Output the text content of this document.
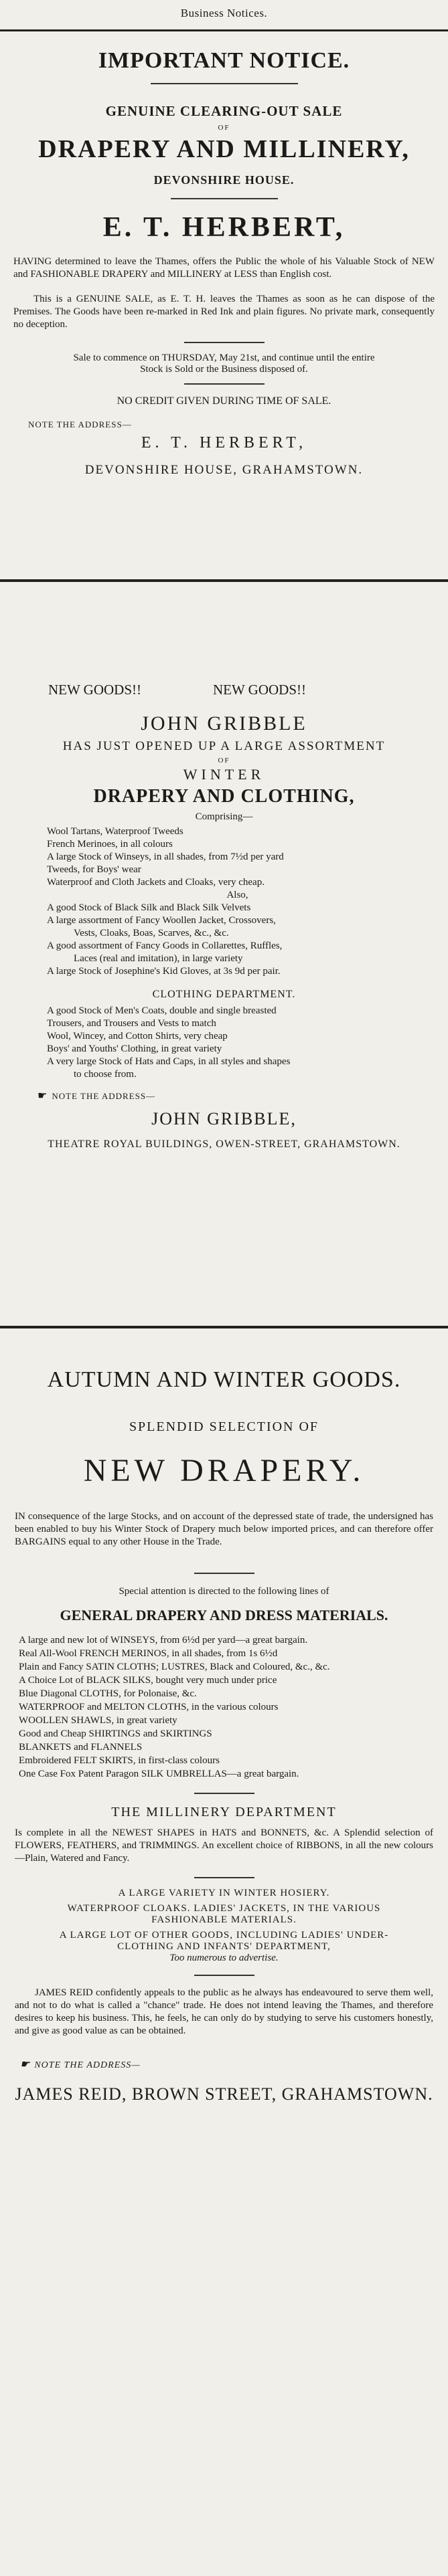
Business Notices.

IMPORTANT NOTICE.

GENUINE CLEARING-OUT SALE

OF

DRAPERY AND MILLINERY,

DEVONSHIRE HOUSE.

E. T. HERBERT,

HAVING determined to leave the Thames, offers the Public the whole of his Valuable Stock of NEW and FASHIONABLE DRAPERY and MILLINERY at LESS than English cost.

This is a GENUINE SALE, as E. T. H. leaves the Thames as soon as he can dispose of the Premises. The Goods have been re-marked in Red Ink and plain figures. No private mark, consequently no deception.

Sale to commence on THURSDAY, May 21st, and continue until the entire

Stock is Sold or the Business disposed of.

NO CREDIT GIVEN DURING TIME OF SALE.

NOTE THE ADDRESS—

E. T. HERBERT,

DEVONSHIRE HOUSE, GRAHAMSTOWN.

NEW GOODS!!	NEW GOODS!!

JOHN GRIBBLE

HAS JUST OPENED UP A LARGE ASSORTMENT

OF

WINTER

DRAPERY AND CLOTHING,

Comprising—

Wool Tartans, Waterproof Tweeds
French Merinoes, in all colours
A large Stock of Winseys, in all shades, from 7½d per yard
Tweeds, for Boys' wear
Waterproof and Cloth Jackets and Cloaks, very cheap.
Also,
A good Stock of Black Silk and Black Silk Velvets
A large assortment of Fancy Woollen Jacket, Crossovers,
Vests, Cloaks, Boas, Scarves, &c., &c.
A good assortment of Fancy Goods in Collarettes, Ruffles,
Laces (real and imitation), in large variety
A large Stock of Josephine's Kid Gloves, at 3s 9d per pair.

CLOTHING DEPARTMENT.

A good Stock of Men's Coats, double and single breasted
Trousers, and Trousers and Vests to match
Wool, Wincey, and Cotton Shirts, very cheap
Boys' and Youths' Clothing, in great variety
A very large Stock of Hats and Caps, in all styles and shapes
to choose from.

☛ NOTE THE ADDRESS—

JOHN GRIBBLE,

THEATRE ROYAL BUILDINGS, OWEN-STREET, GRAHAMSTOWN.

AUTUMN AND WINTER GOODS.

SPLENDID SELECTION OF

NEW DRAPERY.

IN consequence of the large Stocks, and on account of the depressed state of trade, the undersigned has been enabled to buy his Winter Stock of Drapery much below imported prices, and can therefore offer BARGAINS equal to any other House in the Trade.

Special attention is directed to the following lines of

GENERAL DRAPERY AND DRESS MATERIALS.

A large and new lot of WINSEYS, from 6½d per yard—a great bargain.
Real All-Wool FRENCH MERINOS, in all shades, from 1s 6½d
Plain and Fancy SATIN CLOTHS; LUSTRES, Black and Coloured, &c., &c.
A Choice Lot of BLACK SILKS, bought very much under price
Blue Diagonal CLOTHS, for Polonaise, &c.
WATERPROOF and MELTON CLOTHS, in the various colours
WOOLLEN SHAWLS, in great variety
Good and Cheap SHIRTINGS and SKIRTINGS
BLANKETS and FLANNELS
Embroidered FELT SKIRTS, in first-class colours
One Case Fox Patent Paragon SILK UMBRELLAS—a great bargain.

THE MILLINERY DEPARTMENT

Is complete in all the NEWEST SHAPES in HATS and BONNETS, &c. A Splendid selection of FLOWERS, FEATHERS, and TRIMMINGS. An excellent choice of RIBBONS, in all the new colours—Plain, Watered and Fancy.

A LARGE VARIETY IN WINTER HOSIERY.

WATERPROOF CLOAKS. LADIES' JACKETS, IN THE VARIOUS

FASHIONABLE MATERIALS.

A LARGE LOT OF OTHER GOODS, INCLUDING LADIES' UNDER-

CLOTHING AND INFANTS' DEPARTMENT,

Too numerous to advertise.

JAMES REID confidently appeals to the public as he always has endeavoured to serve them well, and not to do what is called a "chance" trade. He does not intend leaving the Thames, and therefore desires to keep his business. This, he feels, he can only do by studying to serve his customers honestly, and give as good value as can be obtained.

☛ NOTE THE ADDRESS—

JAMES REID, BROWN STREET, GRAHAMSTOWN.
